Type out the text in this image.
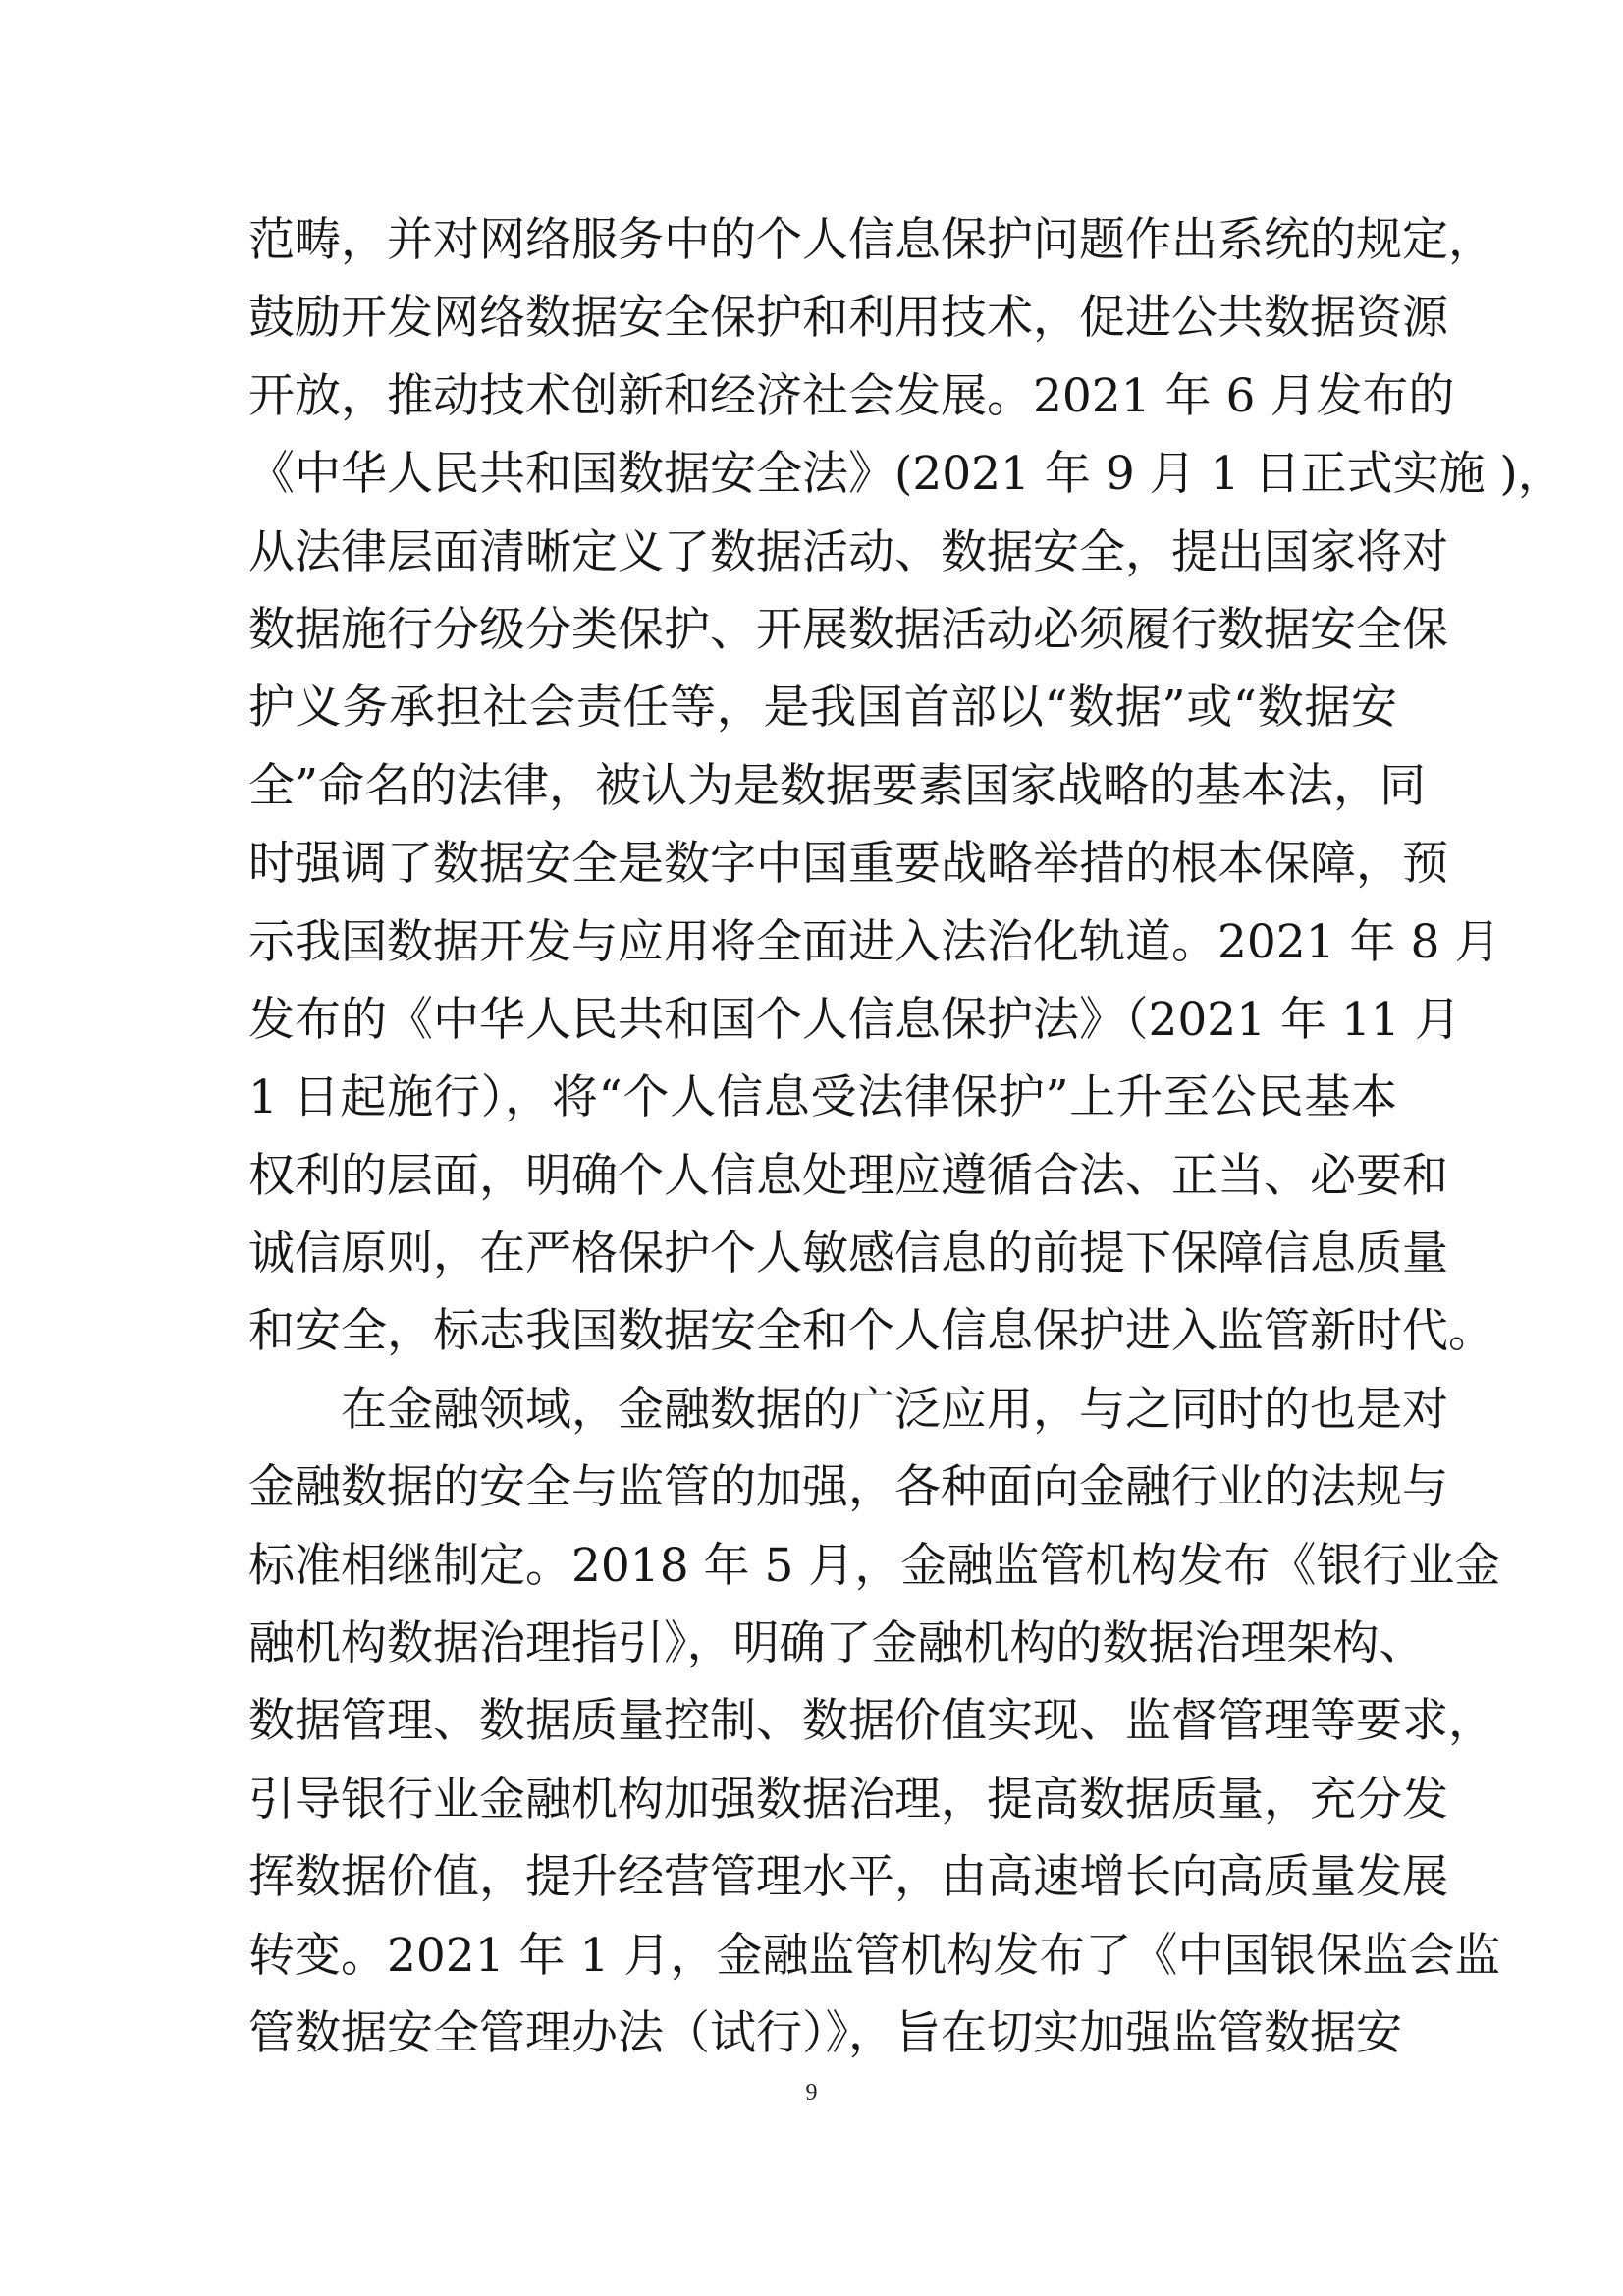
范畴，并对网络服务中的个人信息保护问题作出系统的规定，
鼓励开发网络数据安全保护和利用技术，促进公共数据资源
开放，推动技术创新和经济社会发展。2021 年 6 月发布的
《中华人民共和国数据安全法》(2021 年 9 月 1 日正式实施 )，
从法律层面清晰定义了数据活动、数据安全，提出国家将对
数据施行分级分类保护、开展数据活动必须履行数据安全保
护义务承担社会责任等，是我国首部以“数据”或“数据安
全”命名的法律，被认为是数据要素国家战略的基本法，同
时强调了数据安全是数字中国重要战略举措的根本保障，预
示我国数据开发与应用将全面进入法治化轨道。2021 年 8 月
发布的《中华人民共和国个人信息保护法》（2021 年 11 月
1 日起施行），将“个人信息受法律保护”上升至公民基本
权利的层面，明确个人信息处理应遵循合法、正当、必要和
诚信原则，在严格保护个人敏感信息的前提下保障信息质量
和安全，标志我国数据安全和个人信息保护进入监管新时代。
在金融领域，金融数据的广泛应用，与之同时的也是对
金融数据的安全与监管的加强，各种面向金融行业的法规与
标准相继制定。2018 年 5 月，金融监管机构发布《银行业金
融机构数据治理指引》，明确了金融机构的数据治理架构、
数据管理、数据质量控制、数据价值实现、监督管理等要求，
引导银行业金融机构加强数据治理，提高数据质量，充分发
挥数据价值，提升经营管理水平，由高速增长向高质量发展
转变。2021 年 1 月，金融监管机构发布了《中国银保监会监
管数据安全管理办法（试行）》，旨在切实加强监管数据安
9
